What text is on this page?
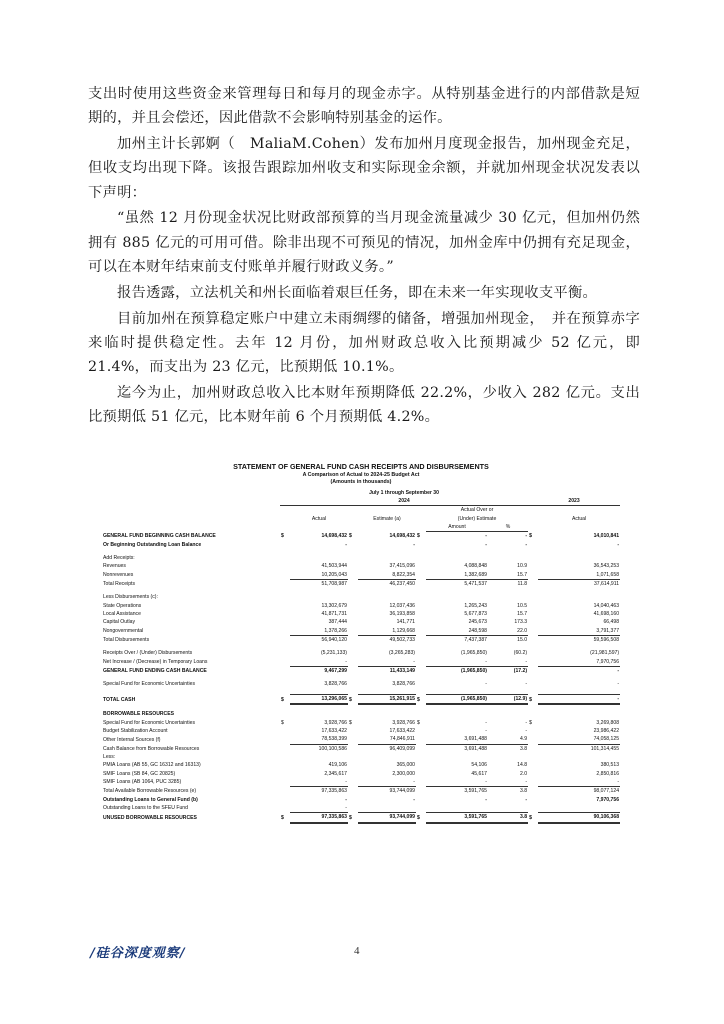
支出时使用这些资金来管理每日和每月的现金赤字。从特别基金进行的内部借款是短期的，并且会偿还，因此借款不会影响特别基金的运作。

加州主计长郭婀（　MaliaM.Cohen）发布加州月度现金报告，加州现金充足，但收支均出现下降。该报告跟踪加州收支和实际现金余额，并就加州现金状况发表以下声明：

“虽然 12 月份现金状况比财政部预算的当月现金流量减少 30 亿元，但加州仍然拥有 885 亿元的可用可借。除非出现不可预见的情况，加州金库中仍拥有充足现金，可以在本财年结束前支付账单并履行财政义务。”

报告透露，立法机关和州长面临着艰巨任务，即在未来一年实现收支平衡。

目前加州在预算稳定账户中建立未雨绸缪的储备，增强加州现金，　并在预算赤字来临时提供稳定性。去年 12 月份，加州财政总收入比预期减少 52 亿元，即 21.4%，而支出为 23 亿元，比预期低 10.1%。

迄今为止，加州财政总收入比本财年预期降低 22.2%，少收入 282 亿元。支出比预期低 51 亿元，比本财年前 6 个月预期低 4.2%。

STATEMENT OF GENERAL FUND CASH RECEIPTS AND DISBURSEMENTS
A Comparison of Actual to 2024-25 Budget Act
(Amounts in thousands)
	July 1 through September 30								
	2024							2023	
						Actual Over or			
		Actual		Estimate (a)		(Under) Estimate			Actual
						Amount	%		
GENERAL FUND BEGINNING CASH BALANCE	$	14,698,432	$	14,698,432	$	-	-	$	14,010,841
Or Beginning Outstanding Loan Balance		-		-		-	-		-

Add Receipts:									
Revenues		41,503,944		37,415,096		4,088,848	10.9		36,543,253
Nonrevenues		10,205,043		8,822,354		1,382,689	15.7		1,071,658
Total Receipts		51,708,987		46,237,450		5,471,537	11.8		37,614,911

Less Disbursements (c):									
State Operations		13,302,679		12,037,436		1,265,243	10.5		14,040,463
Local Assistance		41,871,731		36,193,858		5,677,873	15.7		41,698,160
Capital Outlay		387,444		141,771		245,673	173.3		66,498
Nongovernmental		1,378,266		1,129,668		248,598	22.0		3,791,377
Total Disbursements		56,940,120		49,502,733		7,437,387	15.0		59,596,508

Receipts Over / (Under) Disbursements		(5,231,133)		(3,265,283)		(1,965,850)	(60.2)		(21,981,597)
Net Increase / (Decrease) in Temporary Loans		-		-		-	-		7,970,756
GENERAL FUND ENDING CASH BALANCE		9,467,299		11,433,149		(1,965,850)	(17.2)		-

Special Fund for Economic Uncertainties		3,828,766		3,828,766		-	-		-

TOTAL CASH	$	13,296,065	$	15,261,915	$	(1,965,850)	(12.9)	$	-

BORROWABLE RESOURCES									
Special Fund for Economic Uncertainties	$	3,928,766	$	3,928,766	$	-	-	$	3,269,808
Budget Stabilization Account		17,633,422		17,633,422		-	-		23,986,422
Other Internal Sources (f)		78,538,399		74,846,911		3,691,488	4.9		74,058,125
Cash Balance from Borrowable Resources		100,100,586		96,409,099		3,691,488	3.8		101,314,455
Less:									
PMIA Loans (AB 55, GC 16312 and 16313)		419,106		365,000		54,106	14.8		380,513
SMIF Loans (SB 84, GC 20825)		2,345,617		2,300,000		45,617	2.0		2,850,816
SMIF Loans (AB 1064, PUC 3285)		-		-		-	-		-
Total Available Borrowable Resources (e)		97,335,863		93,744,099		3,591,765	3.8		98,077,124
Outstanding Loans to General Fund (b)		-		-		-	-		7,970,756
Outstanding Loans to the SFEU Fund		-							
UNUSED BORROWABLE RESOURCES	$	97,335,863	$	93,744,099	$	3,591,765	3.8	$	90,106,368
/硅谷深度观察/	4
